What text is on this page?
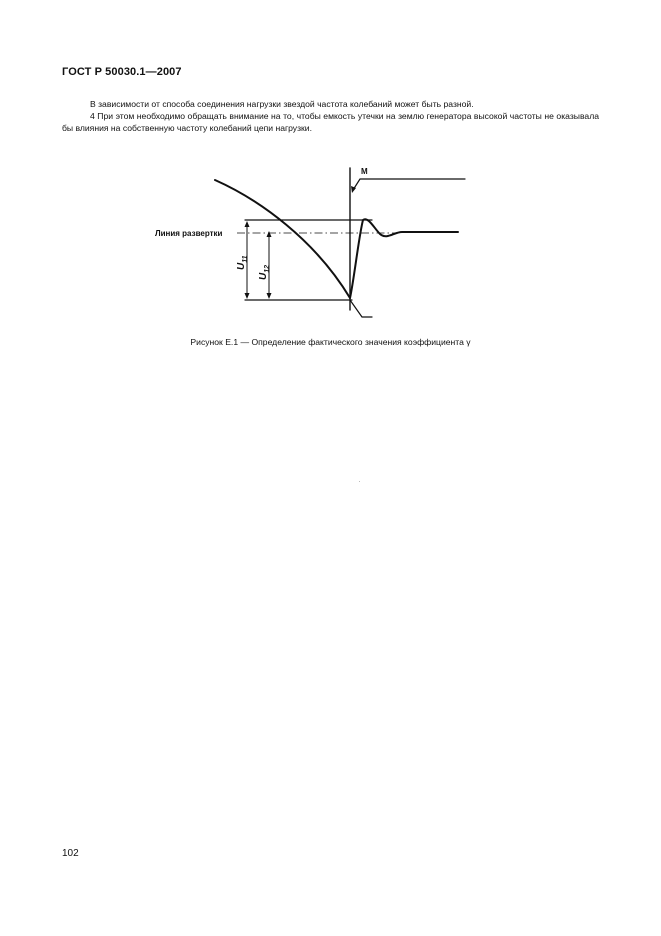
ГОСТ Р 50030.1—2007

В зависимости от способа соединения нагрузки звездой частота колебаний может быть разной.

4 При этом необходимо обращать внимание на то, чтобы емкость утечки на землю генератора высокой частоты не оказывала бы влияния на собственную частоту колебаний цепи нагрузки.

Линия развертки
M
$U_{11}$
$U_{12}$
Рисунок Е.1 — Определение фактического значения коэффициента γ
102
